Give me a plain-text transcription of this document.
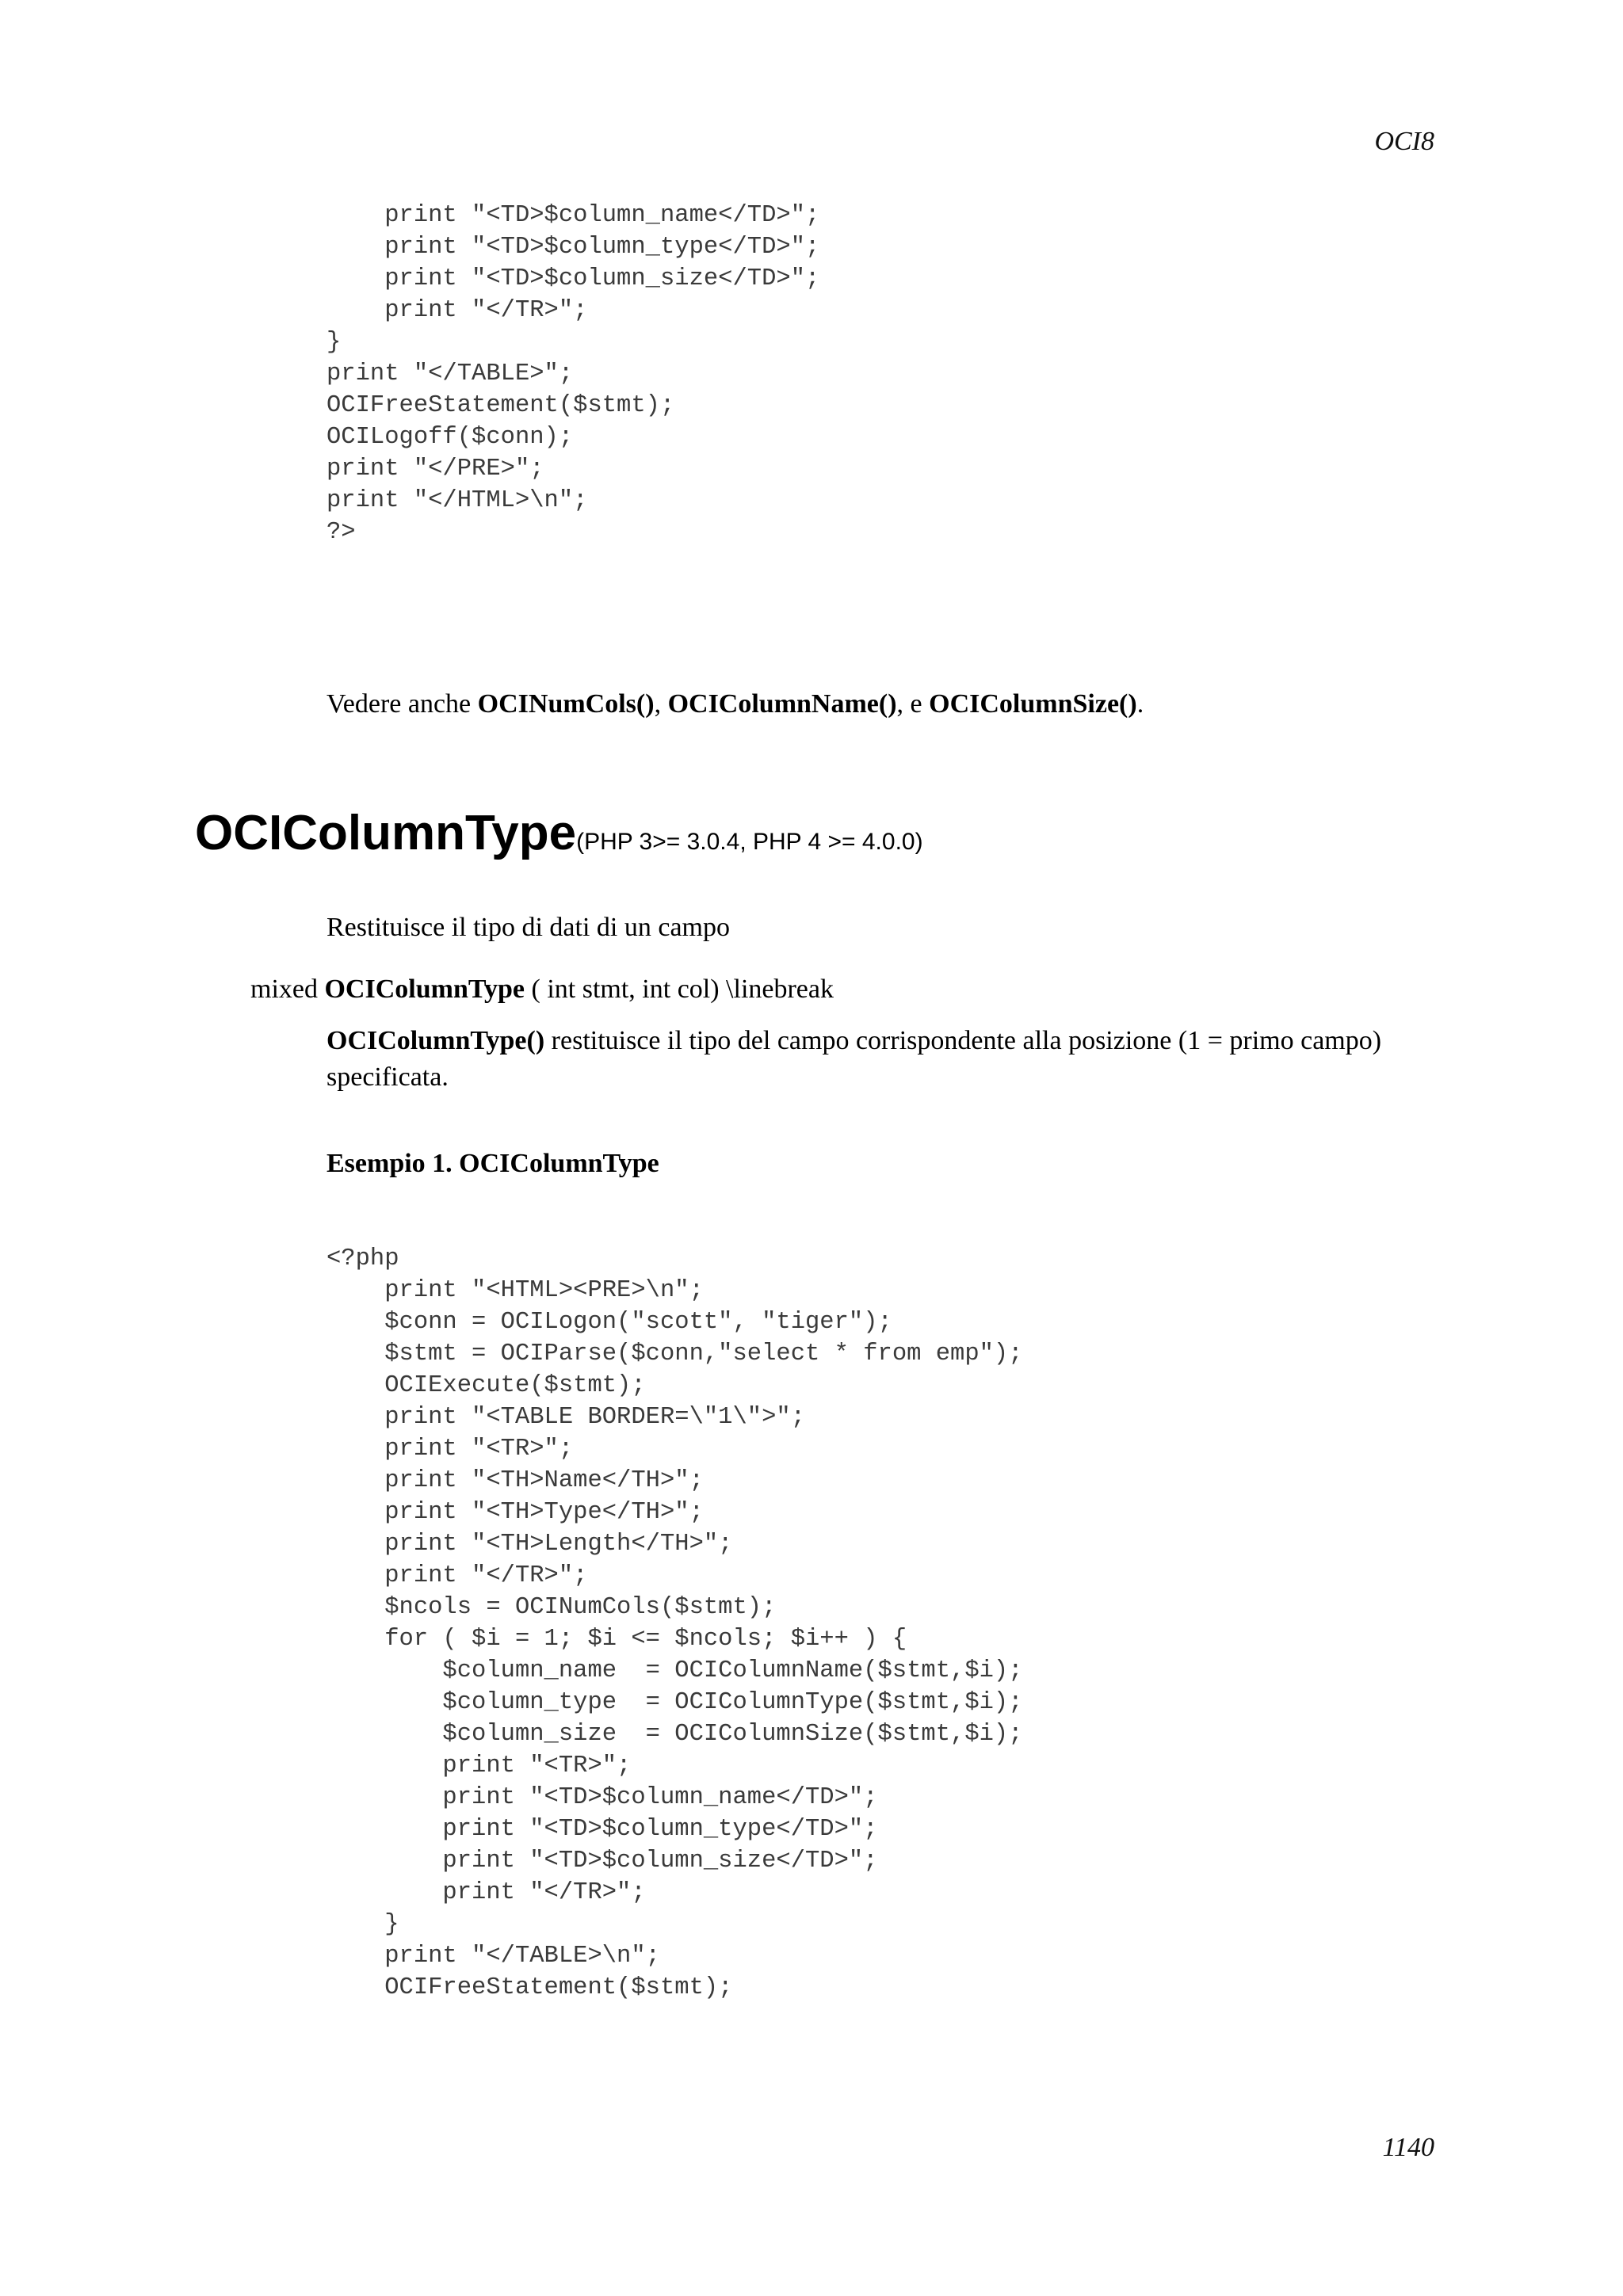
OCI8
print "<TD>$column_name</TD>";
print "<TD>$column_type</TD>";
print "<TD>$column_size</TD>";
print "</TR>";
}
print "</TABLE>";
OCIFreeStatement($stmt);
OCILogoff($conn);
print "</PRE>";
print "</HTML>\n";
?>

Vedere anche OCINumCols(), OCIColumnName(), e OCIColumnSize().
OCIColumnType(PHP 3>= 3.0.4, PHP 4 >= 4.0.0)
Restituisce il tipo di dati di un campo
mixed OCIColumnType ( int stmt, int col) \linebreak
OCIColumnType() restituisce il tipo del campo corrispondente alla posizione (1 = primo campo) specificata.
Esempio 1. OCIColumnType
<?php
print "<HTML><PRE>\n";
$conn = OCILogon("scott", "tiger");
$stmt = OCIParse($conn,"select * from emp");
OCIExecute($stmt);
print "<TABLE BORDER=\"1\">";
print "<TR>";
print "<TH>Name</TH>";
print "<TH>Type</TH>";
print "<TH>Length</TH>";
print "</TR>";
$ncols = OCINumCols($stmt);
for ( $i = 1; $i <= $ncols; $i++ ) {
$column_name  = OCIColumnName($stmt,$i);
$column_type  = OCIColumnType($stmt,$i);
$column_size  = OCIColumnSize($stmt,$i);
print "<TR>";
print "<TD>$column_name</TD>";
print "<TD>$column_type</TD>";
print "<TD>$column_size</TD>";
print "</TR>";
}
print "</TABLE>\n";
OCIFreeStatement($stmt);

1140
